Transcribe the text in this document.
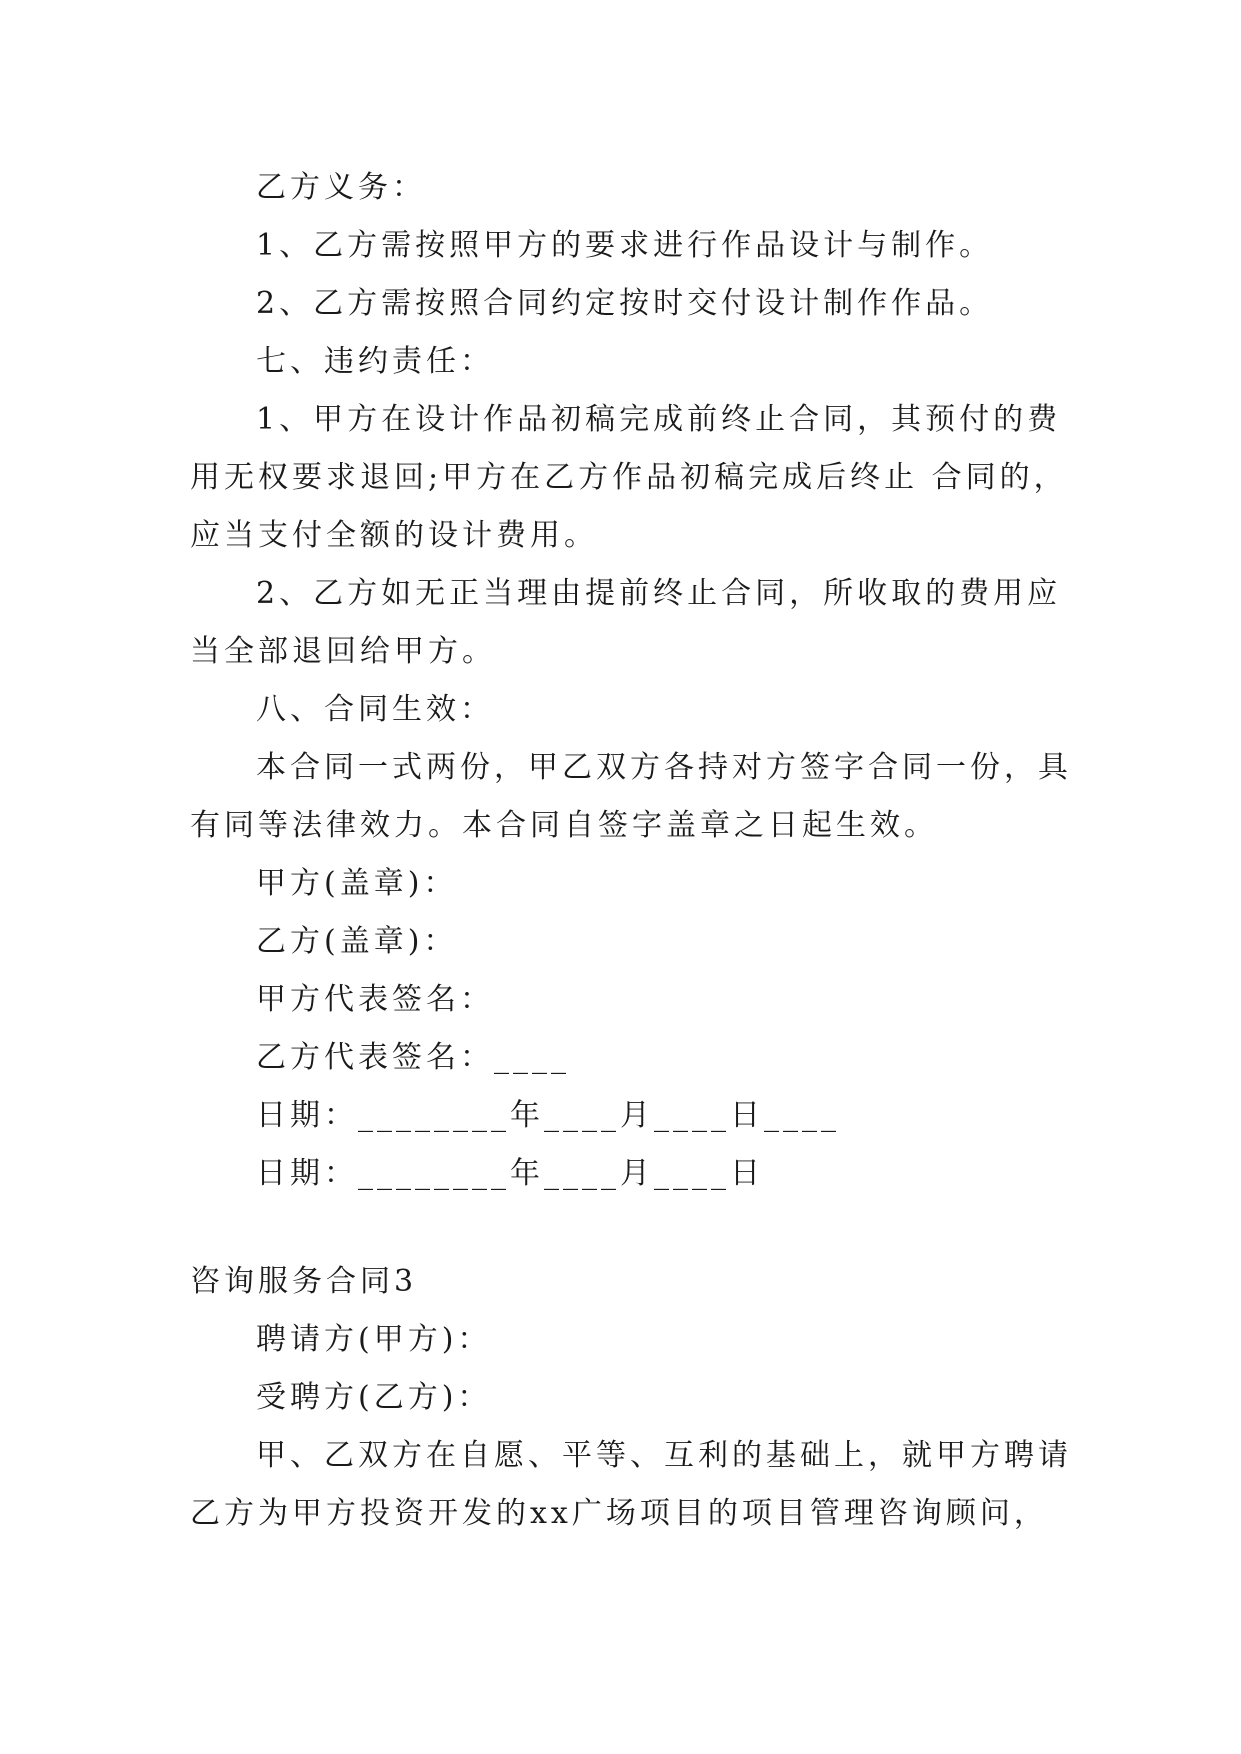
乙方义务：
1、乙方需按照甲方的要求进行作品设计与制作。
2、乙方需按照合同约定按时交付设计制作作品。
七、违约责任：
1、甲方在设计作品初稿完成前终止合同，其预付的费
用无权要求退回;甲方在乙方作品初稿完成后终止 合同的，
应当支付全额的设计费用。
2、乙方如无正当理由提前终止合同，所收取的费用应
当全部退回给甲方。
八、合同生效：
本合同一式两份，甲乙双方各持对方签字合同一份，具
有同等法律效力。本合同自签字盖章之日起生效。
甲方(盖章)：
乙方(盖章)：
甲方代表签名：
乙方代表签名：____
日期：________年____月____日____
日期：________年____月____日
咨询服务合同3
聘请方(甲方)：
受聘方(乙方)：
甲、乙双方在自愿、平等、互利的基础上，就甲方聘请
乙方为甲方投资开发的xx广场项目的项目管理咨询顾问，
